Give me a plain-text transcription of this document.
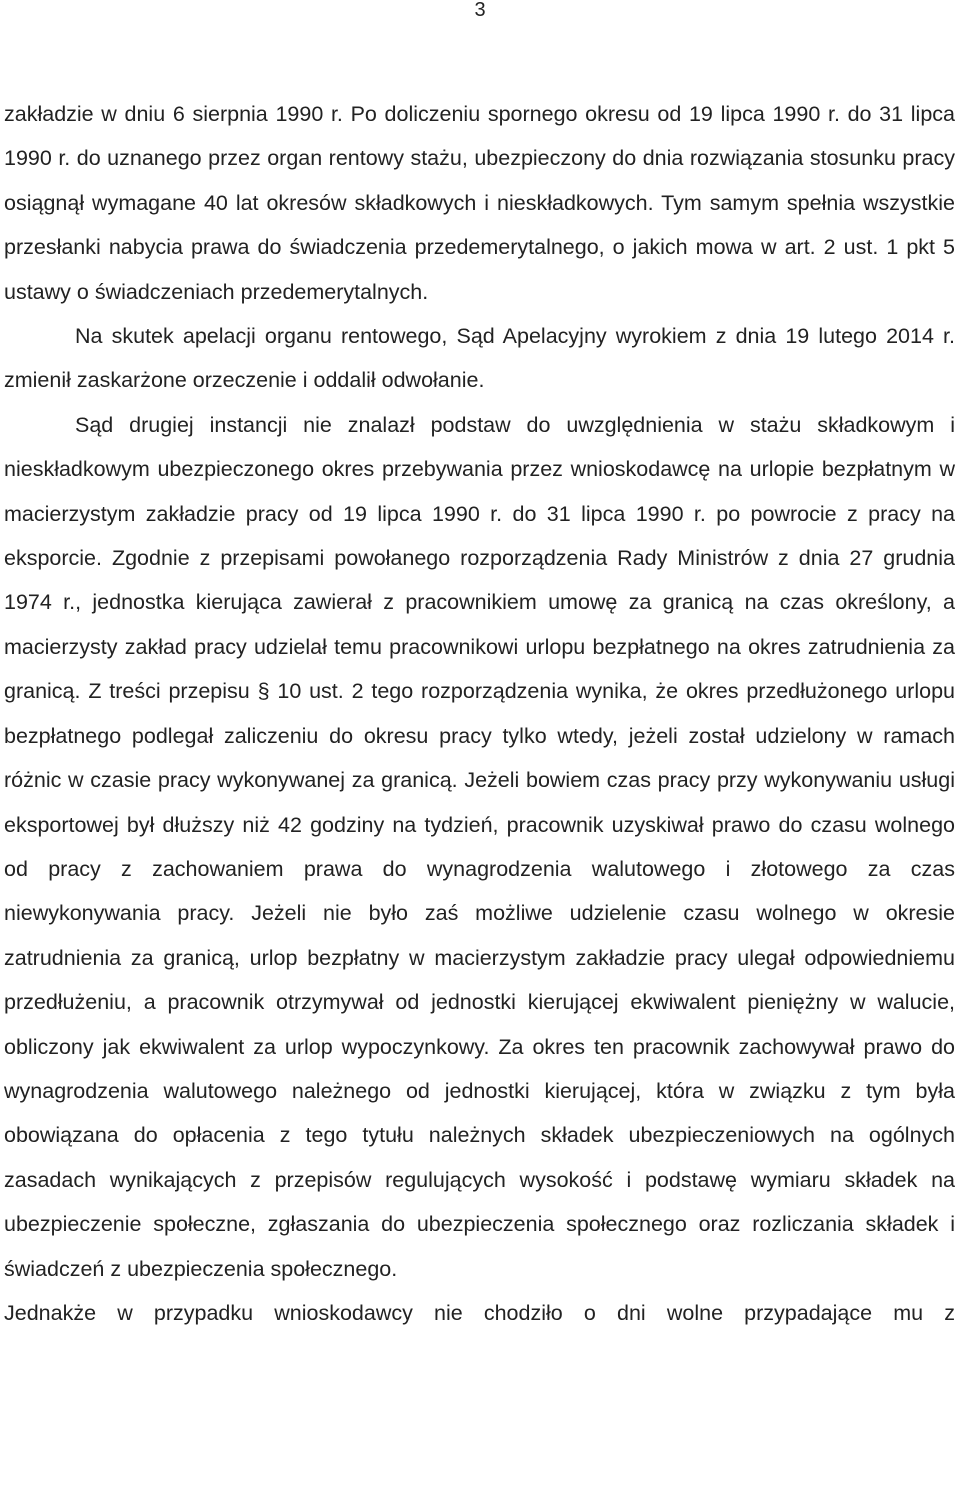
3

zakładzie w dniu 6 sierpnia 1990 r. Po doliczeniu spornego okresu od 19 lipca 1990 r. do 31 lipca 1990 r. do uznanego przez organ rentowy stażu, ubezpieczony do dnia rozwiązania stosunku pracy osiągnął wymagane 40 lat okresów składkowych i nieskładkowych. Tym samym spełnia wszystkie przesłanki nabycia prawa do świadczenia przedemerytalnego, o jakich mowa w art. 2 ust. 1 pkt 5 ustawy o świadczeniach przedemerytalnych.

Na skutek apelacji organu rentowego, Sąd Apelacyjny wyrokiem z dnia 19 lutego 2014 r. zmienił zaskarżone orzeczenie i oddalił odwołanie.

Sąd drugiej instancji nie znalazł podstaw do uwzględnienia w stażu składkowym i nieskładkowym ubezpieczonego okres przebywania przez wnioskodawcę na urlopie bezpłatnym w macierzystym zakładzie pracy od 19 lipca 1990 r. do 31 lipca 1990 r. po powrocie z pracy na eksporcie. Zgodnie z przepisami powołanego rozporządzenia Rady Ministrów z dnia 27 grudnia 1974 r., jednostka kierująca zawierał z pracownikiem umowę za granicą na czas określony, a macierzysty zakład pracy udzielał temu pracownikowi urlopu bezpłatnego na okres zatrudnienia za granicą. Z treści przepisu § 10 ust. 2 tego rozporządzenia wynika, że okres przedłużonego urlopu bezpłatnego podlegał zaliczeniu do okresu pracy tylko wtedy, jeżeli został udzielony w ramach różnic w czasie pracy wykonywanej za granicą. Jeżeli bowiem czas pracy przy wykonywaniu usługi eksportowej był dłuższy niż 42 godziny na tydzień, pracownik uzyskiwał prawo do czasu wolnego od pracy z zachowaniem prawa do wynagrodzenia walutowego i złotowego za czas niewykonywania pracy. Jeżeli nie było zaś możliwe udzielenie czasu wolnego w okresie zatrudnienia za granicą, urlop bezpłatny w macierzystym zakładzie pracy ulegał odpowiedniemu przedłużeniu, a pracownik otrzymywał od jednostki kierującej ekwiwalent pieniężny w walucie, obliczony jak ekwiwalent za urlop wypoczynkowy. Za okres ten pracownik zachowywał prawo do wynagrodzenia walutowego należnego od jednostki kierującej, która w związku z tym była obowiązana do opłacenia z tego tytułu należnych składek ubezpieczeniowych na ogólnych zasadach wynikających z przepisów regulujących wysokość i podstawę wymiaru składek na ubezpieczenie społeczne, zgłaszania do ubezpieczenia społecznego oraz rozliczania składek i świadczeń z ubezpieczenia społecznego.

Jednakże w przypadku wnioskodawcy nie chodziło o dni wolne przypadające mu z
